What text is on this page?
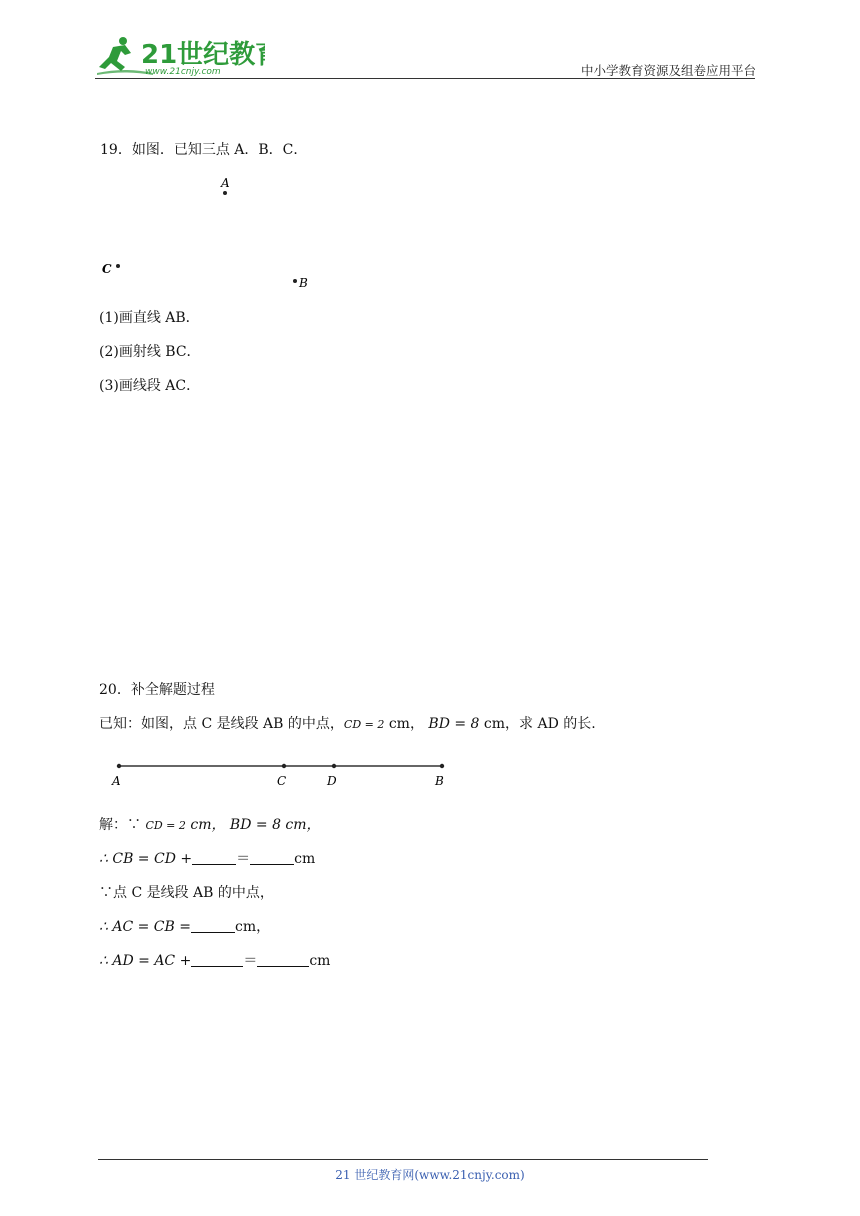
21世纪教
www.21cnjy.com	中小学教育资源及组卷应用平台
19．如图．已知三点 A．B．C．
A
C
B
(1)画直线 AB．
(2)画射线 BC．
(3)画线段 AC．
20．补全解题过程
已知：如图，点 C 是线段 AB 的中点，CD = 2 cm， BD = 8 cm，求 AD 的长.
A	C	D	B
解：∵ CD = 2 cm， BD = 8 cm，
∴ CB = CD +	＝	cm
∵点 C 是线段 AB 的中点，
∴ AC = CB =	cm，
∴ AD = AC +	＝	cm
21 世纪教育网(www.21cnjy.com)
